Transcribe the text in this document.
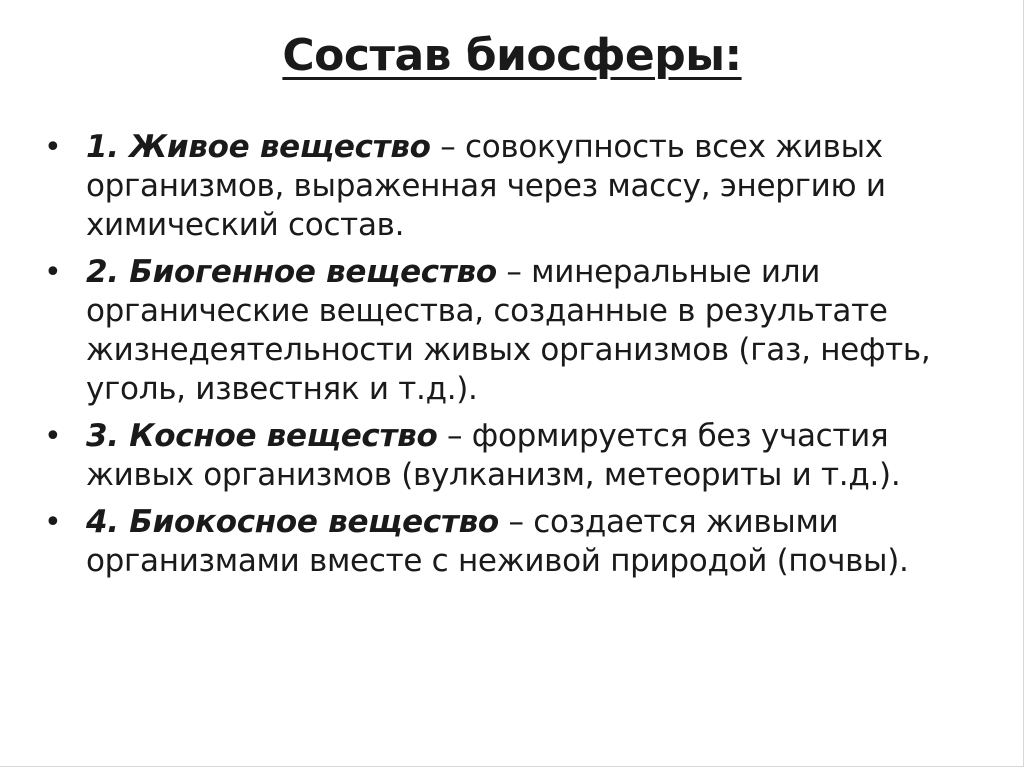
Состав биосферы:
• 1. Живое вещество – совокупность всех живых организмов, выраженная через массу, энергию и химический состав.
• 2. Биогенное вещество – минеральные или органические вещества, созданные в результате жизнедеятельности живых организмов (газ, нефть, уголь, известняк и т.д.).
• 3. Косное вещество – формируется без участия живых организмов (вулканизм, метеориты и т.д.).
• 4. Биокосное вещество – создается живыми организмами вместе с неживой природой (почвы).
